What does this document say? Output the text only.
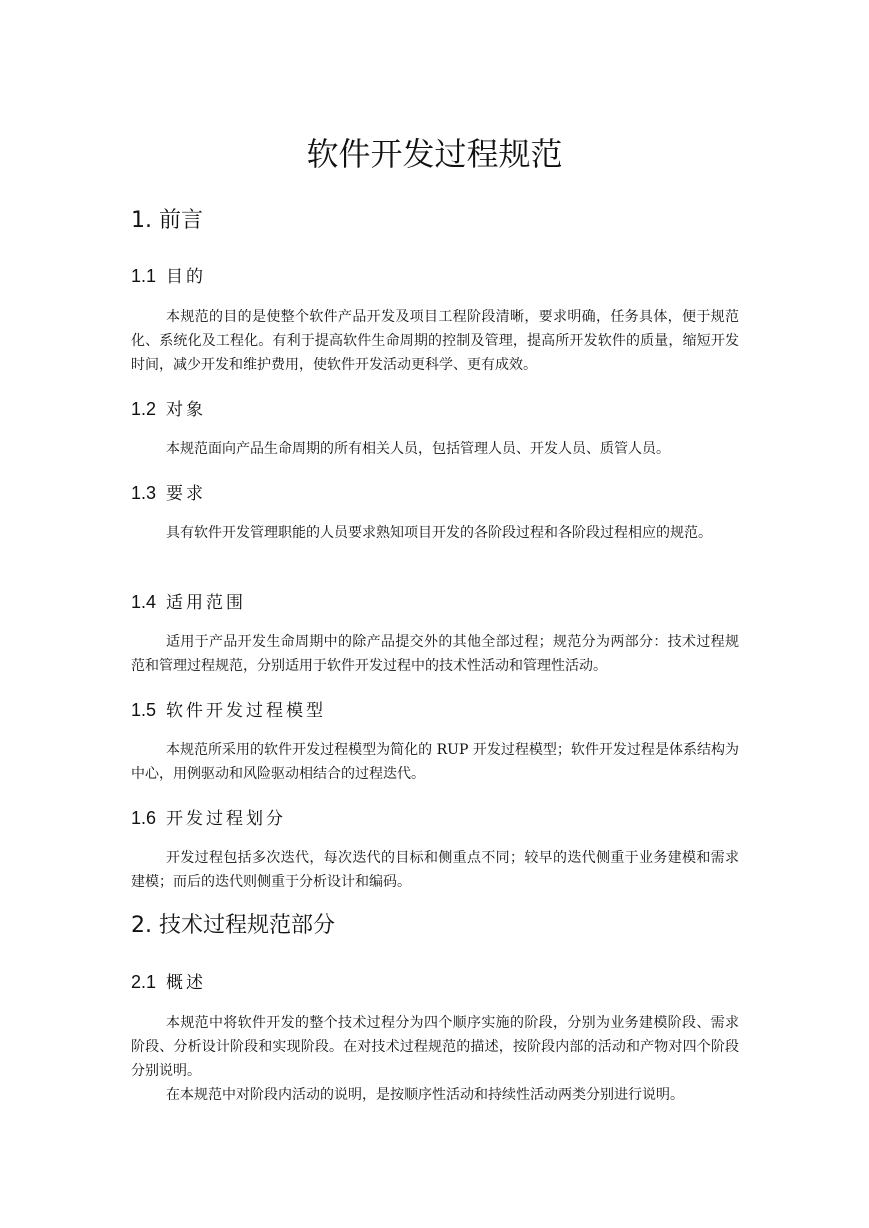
软件开发过程规范
1. 前言
1.1 目的

本规范的目的是使整个软件产品开发及项目工程阶段清晰，要求明确，任务具体，便于规范化、系统化及工程化。有利于提高软件生命周期的控制及管理，提高所开发软件的质量，缩短开发时间，减少开发和维护费用，使软件开发活动更科学、更有成效。

1.2 对象

本规范面向产品生命周期的所有相关人员，包括管理人员、开发人员、质管人员。

1.3 要求

具有软件开发管理职能的人员要求熟知项目开发的各阶段过程和各阶段过程相应的规范。

1.4 适用范围

适用于产品开发生命周期中的除产品提交外的其他全部过程；规范分为两部分：技术过程规范和管理过程规范，分别适用于软件开发过程中的技术性活动和管理性活动。

1.5 软件开发过程模型

本规范所采用的软件开发过程模型为简化的 RUP 开发过程模型；软件开发过程是体系结构为中心，用例驱动和风险驱动相结合的过程迭代。

1.6 开发过程划分

开发过程包括多次迭代，每次迭代的目标和侧重点不同；较早的迭代侧重于业务建模和需求建模；而后的迭代则侧重于分析设计和编码。

2. 技术过程规范部分
2.1 概述

本规范中将软件开发的整个技术过程分为四个顺序实施的阶段，分别为业务建模阶段、需求阶段、分析设计阶段和实现阶段。在对技术过程规范的描述，按阶段内部的活动和产物对四个阶段分别说明。

在本规范中对阶段内活动的说明，是按顺序性活动和持续性活动两类分别进行说明。
